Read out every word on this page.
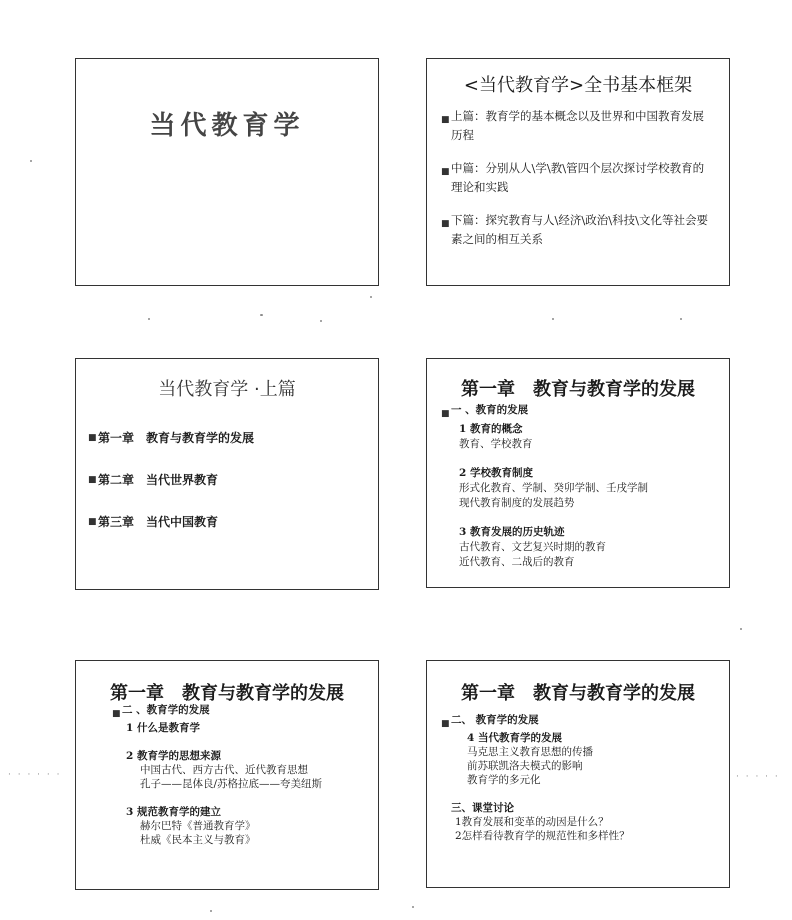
当代教育学
<当代教育学>全书基本框架
■ 上篇：教育学的基本概念以及世界和中国教育发展历程
■ 中篇：分别从人\学\教\管四个层次探讨学校教育的理论和实践
■ 下篇：探究教育与人\经济\政治\科技\文化等社会要素之间的相互关系
当代教育学 ·上篇
■ 第一章　教育与教育学的发展
■ 第二章　当代世界教育
■ 第三章　当代中国教育
第一章　教育与教育学的发展
■ 一 、教育的发展
1 教育的概念
教育、学校教育
2 学校教育制度
形式化教育、学制、癸卯学制、壬戌学制
现代教育制度的发展趋势
3 教育发展的历史轨迹
古代教育、文艺复兴时期的教育
近代教育、二战后的教育
第一章　教育与教育学的发展
■ 二 、教育学的发展
1 什么是教育学
2 教育学的思想来源
中国古代、西方古代、近代教育思想
孔子——昆体良/苏格拉底——夸美纽斯
3 规范教育学的建立
赫尔巴特《普通教育学》
杜威《民本主义与教育》
第一章　教育与教育学的发展
■ 二、 教育学的发展
4 当代教育学的发展
马克思主义教育思想的传播
前苏联凯洛夫模式的影响
教育学的多元化
三、课堂讨论
1教育发展和变革的动因是什么？
2怎样看待教育学的规范性和多样性？
· · · · · ·	· · · · ·
